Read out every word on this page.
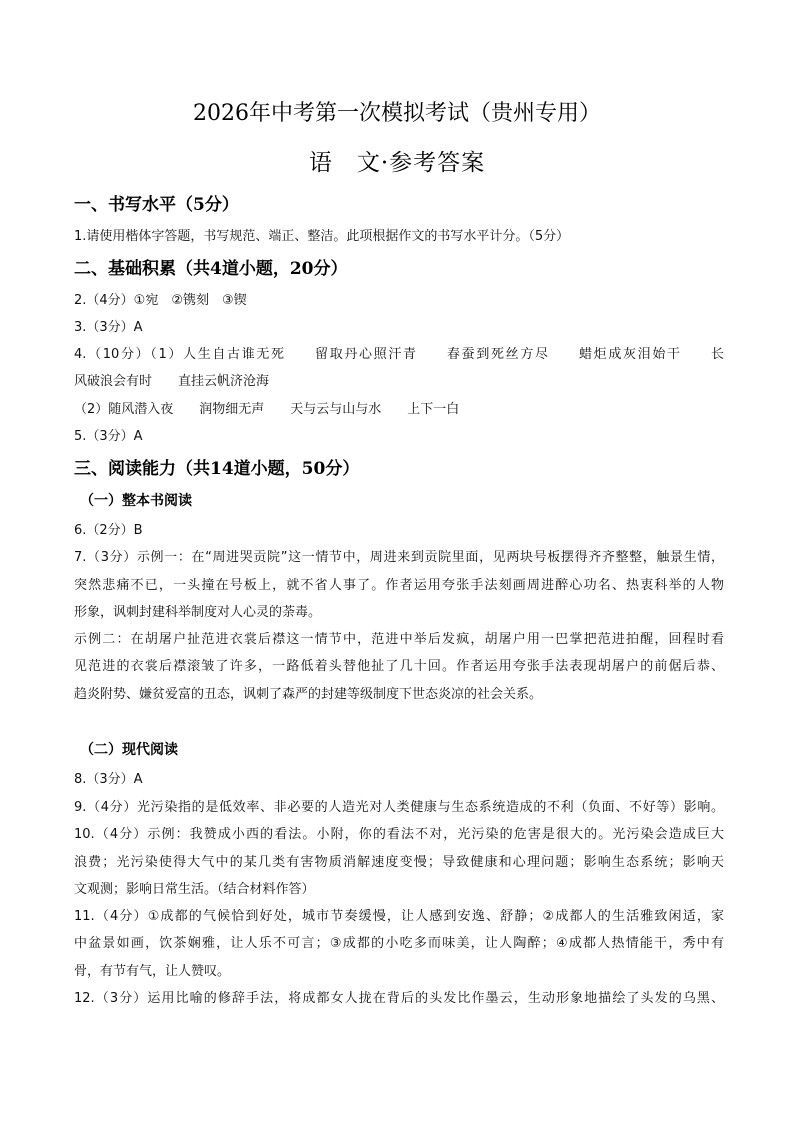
2026年中考第一次模拟考试（贵州专用）
语　文·参考答案
一、书写水平（5分）
1.请使用楷体字答题，书写规范、端正、整洁。此项根据作文的书写水平计分。（5分）
二、基础积累（共4道小题，20分）
2.（4分）①宛　②镌刻　③锲
3.（3分）A
4.（10分）（1）人生自古谁无死　　留取丹心照汗青　　春蚕到死丝方尽　　蜡炬成灰泪始干　　长
风破浪会有时　　直挂云帆济沧海
（2）随风潜入夜　　润物细无声　　天与云与山与水　　上下一白
5.（3分）A
三、阅读能力（共14道小题，50分）
（一）整本书阅读
6.（2分）B
7.（3分）示例一：在“周进哭贡院”这一情节中，周进来到贡院里面，见两块号板摆得齐齐整整，触景生情，
突然悲痛不已，一头撞在号板上，就不省人事了。作者运用夸张手法刻画周进醉心功名、热衷科举的人物
形象，讽刺封建科举制度对人心灵的荼毒。
示例二：在胡屠户扯范进衣裳后襟这一情节中，范进中举后发疯，胡屠户用一巴掌把范进拍醒，回程时看
见范进的衣裳后襟滚皱了许多，一路低着头替他扯了几十回。作者运用夸张手法表现胡屠户的前倨后恭、
趋炎附势、嫌贫爱富的丑态，讽刺了森严的封建等级制度下世态炎凉的社会关系。
（二）现代阅读
8.（3分）A
9.（4分）光污染指的是低效率、非必要的人造光对人类健康与生态系统造成的不利（负面、不好等）影响。
10.（4分）示例：我赞成小西的看法。小附，你的看法不对，光污染的危害是很大的。光污染会造成巨大
浪费；光污染使得大气中的某几类有害物质消解速度变慢；导致健康和心理问题；影响生态系统；影响天
文观测；影响日常生活。（结合材料作答）
11.（4分）①成都的气候恰到好处，城市节奏缓慢，让人感到安逸、舒静；②成都人的生活雅致闲适，家
中盆景如画，饮茶娴雅，让人乐不可言；③成都的小吃多而味美，让人陶醉；④成都人热情能干，秀中有
骨，有节有气，让人赞叹。
12.（3分）运用比喻的修辞手法，将成都女人拢在背后的头发比作墨云，生动形象地描绘了头发的乌黑、
